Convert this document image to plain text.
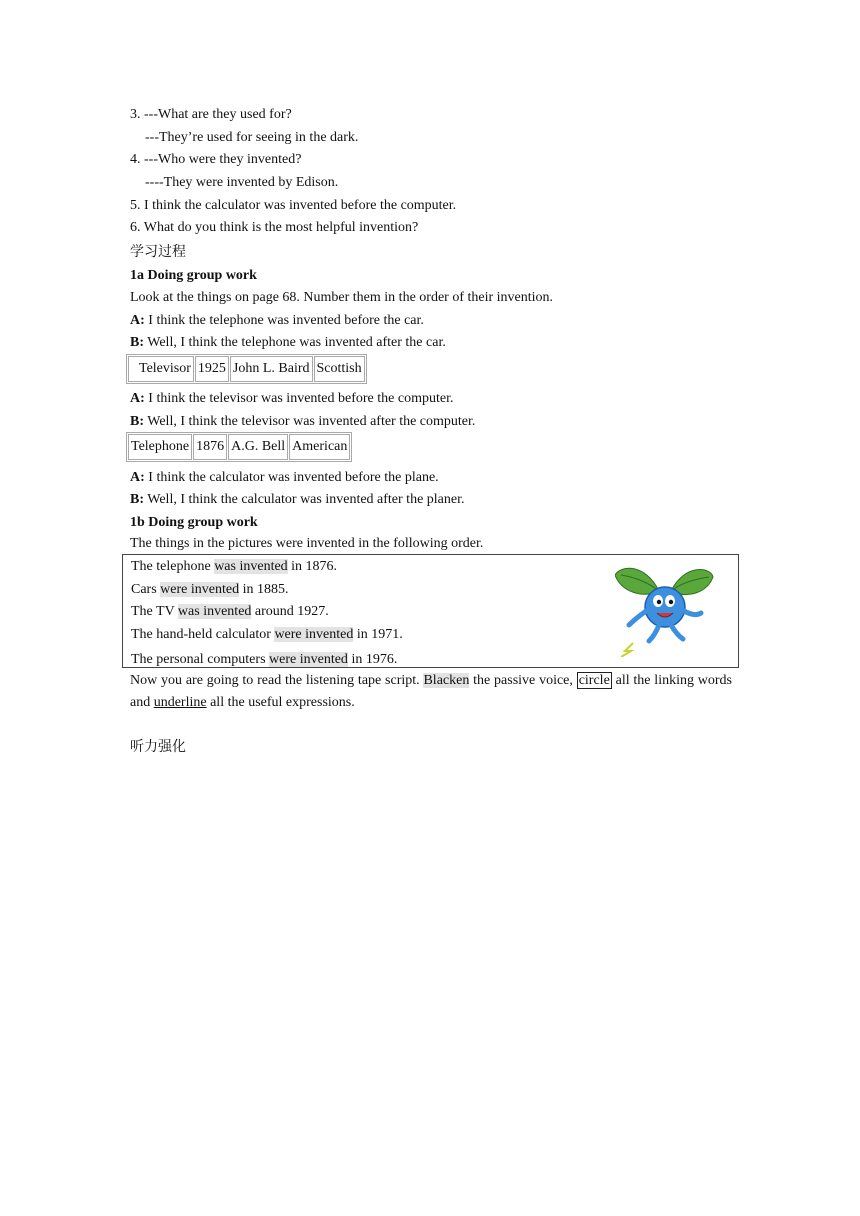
3. ---What are they used for?
---They’re used for seeing in the dark.
4. ---Who were they invented?
----They were invented by Edison.
5. I think the calculator was invented before the computer.
6. What do you think is the most helpful invention?
学习过程
1a Doing group work
Look at the things on page 68. Number them in the order of their invention.
A: I think the telephone was invented before the car.
B: Well, I think the telephone was invented after the car.
Televisor	1925	John L. Baird	Scottish
A: I think the televisor was invented before the computer.
B: Well, I think the televisor was invented after the computer.
Telephone	1876	A.G. Bell	American
A: I think the calculator was invented before the plane.
B: Well, I think the calculator was invented after the planer.
1b Doing group work
The things in the pictures were invented in the following order.
The telephone was invented in 1876.
Cars were invented in 1885.
The TV was invented around 1927.
The hand-held calculator were invented in 1971.
The personal computers were invented in 1976.
Now you are going to read the listening tape script. Blacken the passive voice, circle all the linking words and underline all the useful expressions.
听力强化
